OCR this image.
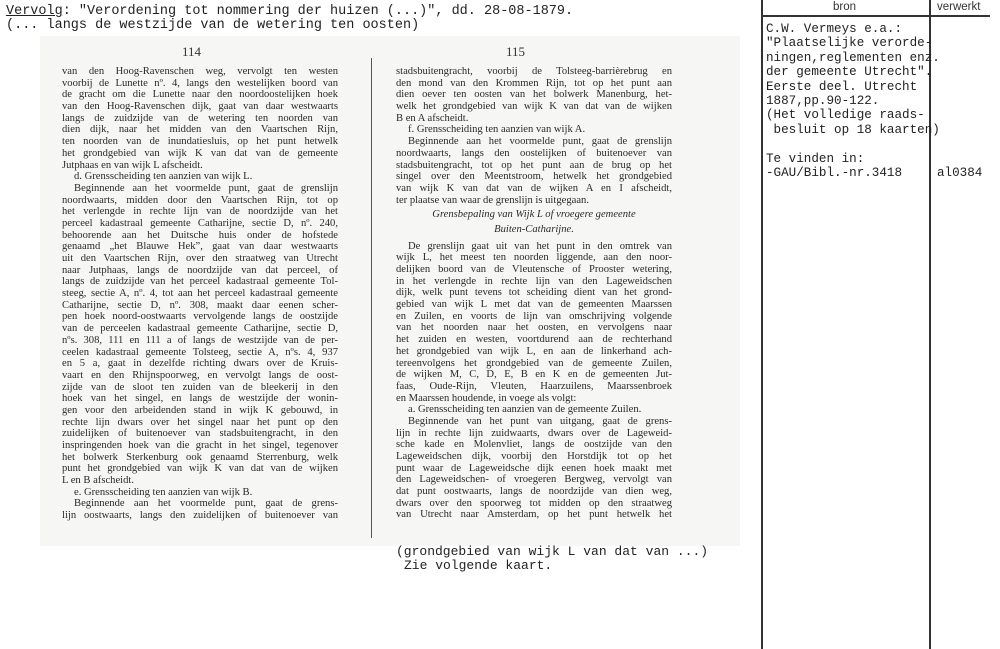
Vervolg: "Verordening tot nommering der huizen (...)", dd. 28-08-1879.
(... langs de westzijde van de wetering ten oosten)
114	115
van den Hoog-Ravenschen weg, vervolgt ten westen
voorbij de Lunette nº. 4, langs den westelijken boord van
de gracht om die Lunette naar den noordoostelijken hoek
van den Hoog-Ravenschen dijk, gaat van daar westwaarts
langs de zuidzijde van de wetering ten noorden van
dien dijk, naar het midden van den Vaartschen Rijn,
ten noorden van de inundatiesluis, op het punt hetwelk
het grondgebied van wijk K van dat van de gemeente
Jutphaas en van wijk L afscheidt.
d. Grensscheiding ten aanzien van wijk L.
Beginnende aan het voormelde punt, gaat de grenslijn
noordwaarts, midden door den Vaartschen Rijn, tot op
het verlengde in rechte lijn van de noordzijde van het
perceel kadastraal gemeente Catharijne, sectie D, nº. 240,
behoorende aan het Duitsche huis onder de hofstede
genaamd „het Blauwe Hek”, gaat van daar westwaarts
uit den Vaartschen Rijn, over den straatweg van Utrecht
naar Jutphaas, langs de noordzijde van dat perceel, of
langs de zuidzijde van het perceel kadastraal gemeente Tol-
steeg, sectie A, nº. 4, tot aan het perceel kadastraal gemeente
Catharijne, sectie D, nº. 308, maakt daar eenen scher-
pen hoek noord-oostwaarts vervolgende langs de oostzijde
van de perceelen kadastraal gemeente Catharijne, sectie D,
nºs. 308, 111 en 111 a of langs de westzijde van de per-
ceelen kadastraal gemeente Tolsteeg, sectie A, nºs. 4, 937
en 5 a, gaat in dezelfde richting dwars over de Kruis-
vaart en den Rhijnspoorweg, en vervolgt langs de oost-
zijde van de sloot ten zuiden van de bleekerij in den
hoek van het singel, en langs de westzijde der wonin-
gen voor den arbeidenden stand in wijk K gebouwd, in
rechte lijn dwars over het singel naar het punt op den
zuidelijken of buitenoever van stadsbuitengracht, in den
inspringenden hoek van die gracht in het singel, tegenover
het bolwerk Sterkenburg ook genaamd Sterrenburg, welk
punt het grondgebied van wijk K van dat van de wijken
L en B afscheidt.
e. Grensscheiding ten aanzien van wijk B.
Beginnende aan het voormelde punt, gaat de grens-
lijn oostwaarts, langs den zuidelijken of buitenoever van
stadsbuitengracht, voorbij de Tolsteeg-barrièrebrug en
den mond van den Krommen Rijn, tot op het punt aan
dien oever ten oosten van het bolwerk Manenburg, het-
welk het grondgebied van wijk K van dat van de wijken
B en A afscheidt.
f. Grensscheiding ten aanzien van wijk A.
Beginnende aan het voormelde punt, gaat de grenslijn
noordwaarts, langs den oostelijken of buitenoever van
stadsbuitengracht, tot op het punt aan de brug op het
singel over den Meentstroom, hetwelk het grondgebied
van wijk K van dat van de wijken A en I afscheidt,
ter plaatse van waar de grenslijn is uitgegaan.
Grensbepaling van Wijk L of vroegere gemeente
Buiten-Catharijne.
De grenslijn gaat uit van het punt in den omtrek van
wijk L, het meest ten noorden liggende, aan den noor-
delijken boord van de Vleutensche of Prooster wetering,
in het verlengde in rechte lijn van den Lageweidschen
dijk, welk punt tevens tot scheiding dient van het grond-
gebied van wijk L met dat van de gemeenten Maarssen
en Zuilen, en voorts de lijn van omschrijving volgende
van het noorden naar het oosten, en vervolgens naar
het zuiden en westen, voortdurend aan de rechterhand
het grondgebied van wijk L, en aan de linkerhand ach-
tereenvolgens het grondgebied van de gemeente Zuilen,
de wijken M, C, D, E, B en K en de gemeenten Jut-
faas, Oude-Rijn, Vleuten, Haarzuilens, Maarssenbroek
en Maarssen houdende, in voege als volgt:
a. Grensscheiding ten aanzien van de gemeente Zuilen.
Beginnende van het punt van uitgang, gaat de grens-
lijn in rechte lijn zuidwaarts, dwars over de Lageweid-
sche kade en Molenvliet, langs de oostzijde van den
Lageweidschen dijk, voorbij den Horstdijk tot op het
punt waar de Lageweidsche dijk eenen hoek maakt met
den Lageweidschen- of vroegeren Bergweg, vervolgt van
dat punt oostwaarts, langs de noordzijde van dien weg,
dwars over den spoorweg tot midden op den straatweg
van Utrecht naar Amsterdam, op het punt hetwelk het
(grondgebied van wijk L van dat van ...)
Zie volgende kaart.
bron	verwerkt
C.W. Vermeys e.a.:
"Plaatselijke verorde-
ningen,reglementen enz.
der gemeente Utrecht".
Eerste deel. Utrecht
1887,pp.90-122.
(Het volledige raads-
besluit op 18 kaarten)
Te vinden in:
-GAU/Bibl.-nr.3418	al0384
